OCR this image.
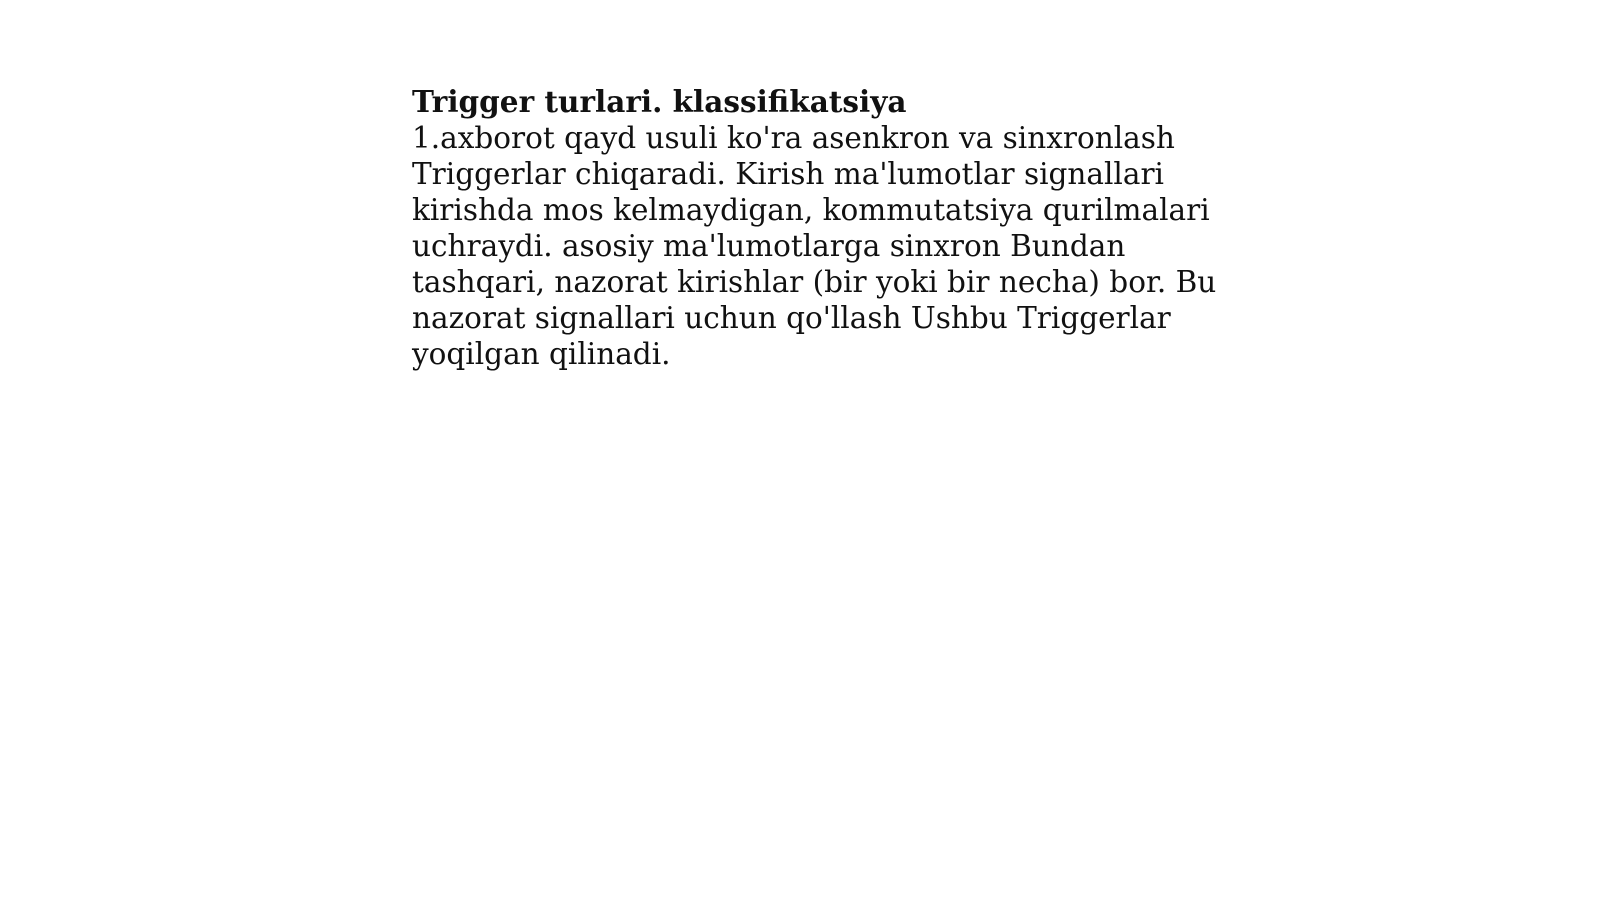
Trigger turlari. klassifikatsiya

1.axborot qayd usuli ko'ra asenkron va sinxronlash
Triggerlar chiqaradi. Kirish ma'lumotlar signallari
kirishda mos kelmaydigan, kommutatsiya qurilmalari
uchraydi. asosiy ma'lumotlarga sinxron Bundan
tashqari, nazorat kirishlar (bir yoki bir necha) bor. Bu
nazorat signallari uchun qo'llash Ushbu Triggerlar
yoqilgan qilinadi.
